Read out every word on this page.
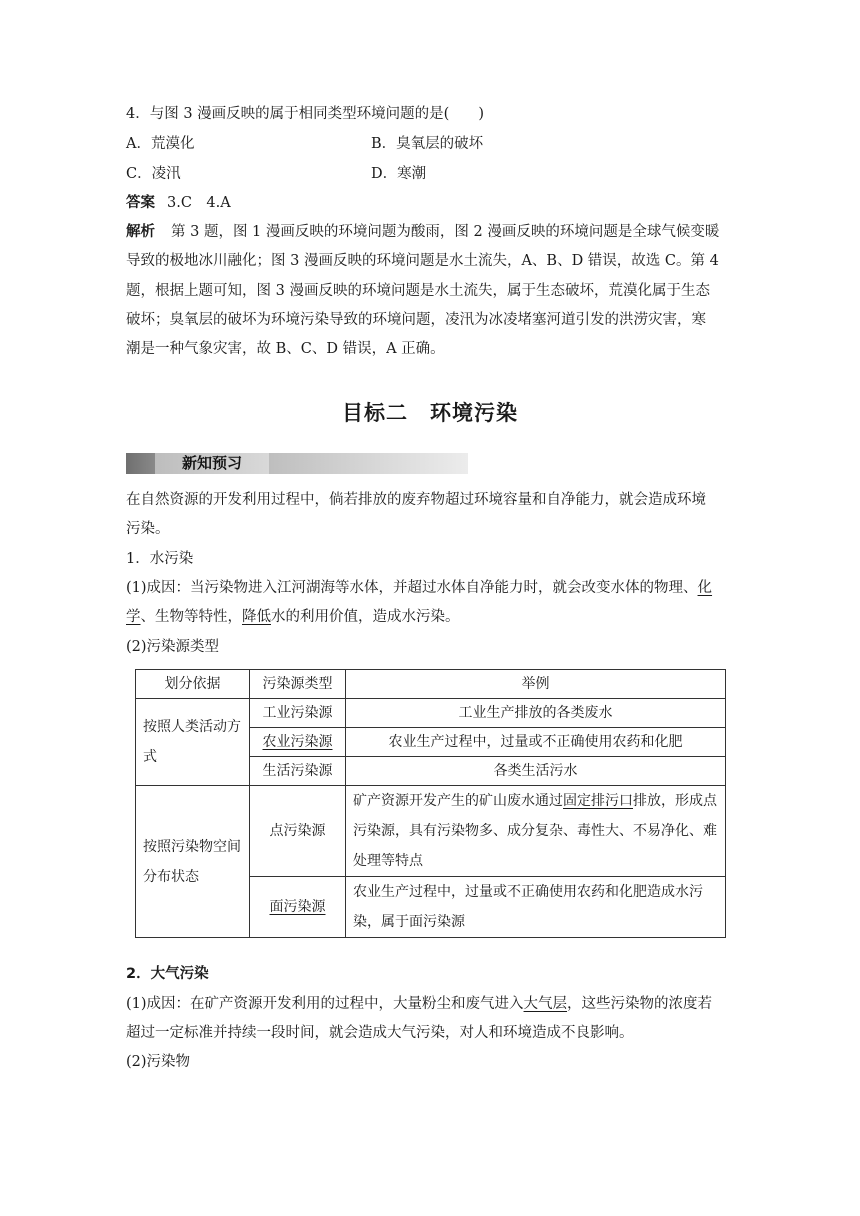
4．与图 3 漫画反映的属于相同类型环境问题的是(　　)
A．荒漠化	B．臭氧层的破坏
C．凌汛	D．寒潮
答案 3.C　4.A
解析 第 3 题，图 1 漫画反映的环境问题为酸雨，图 2 漫画反映的环境问题是全球气候变暖
导致的极地冰川融化；图 3 漫画反映的环境问题是水土流失，A、B、D 错误，故选 C。第 4
题，根据上题可知，图 3 漫画反映的环境问题是水土流失，属于生态破坏，荒漠化属于生态
破坏；臭氧层的破坏为环境污染导致的环境问题，凌汛为冰凌堵塞河道引发的洪涝灾害，寒
潮是一种气象灾害，故 B、C、D 错误，A 正确。
目标二　环境污染
新知预习
在自然资源的开发利用过程中，倘若排放的废弃物超过环境容量和自净能力，就会造成环境
污染。
1．水污染
(1)成因：当污染物进入江河湖海等水体，并超过水体自净能力时，就会改变水体的物理、化
学、生物等特性，降低水的利用价值，造成水污染。
(2)污染源类型
划分依据	污染源类型	举例
按照人类活动方式	工业污染源	工业生产排放的各类废水
	农业污染源	农业生产过程中，过量或不正确使用农药和化肥
	生活污染源	各类生活污水
按照污染物空间分布状态	点污染源	矿产资源开发产生的矿山废水通过固定排污口排放，形成点污染源，具有污染物多、成分复杂、毒性大、不易净化、难处理等特点
	面污染源	农业生产过程中，过量或不正确使用农药和化肥造成水污染，属于面污染源
2．大气污染
(1)成因：在矿产资源开发利用的过程中，大量粉尘和废气进入大气层，这些污染物的浓度若
超过一定标准并持续一段时间，就会造成大气污染，对人和环境造成不良影响。
(2)污染物
